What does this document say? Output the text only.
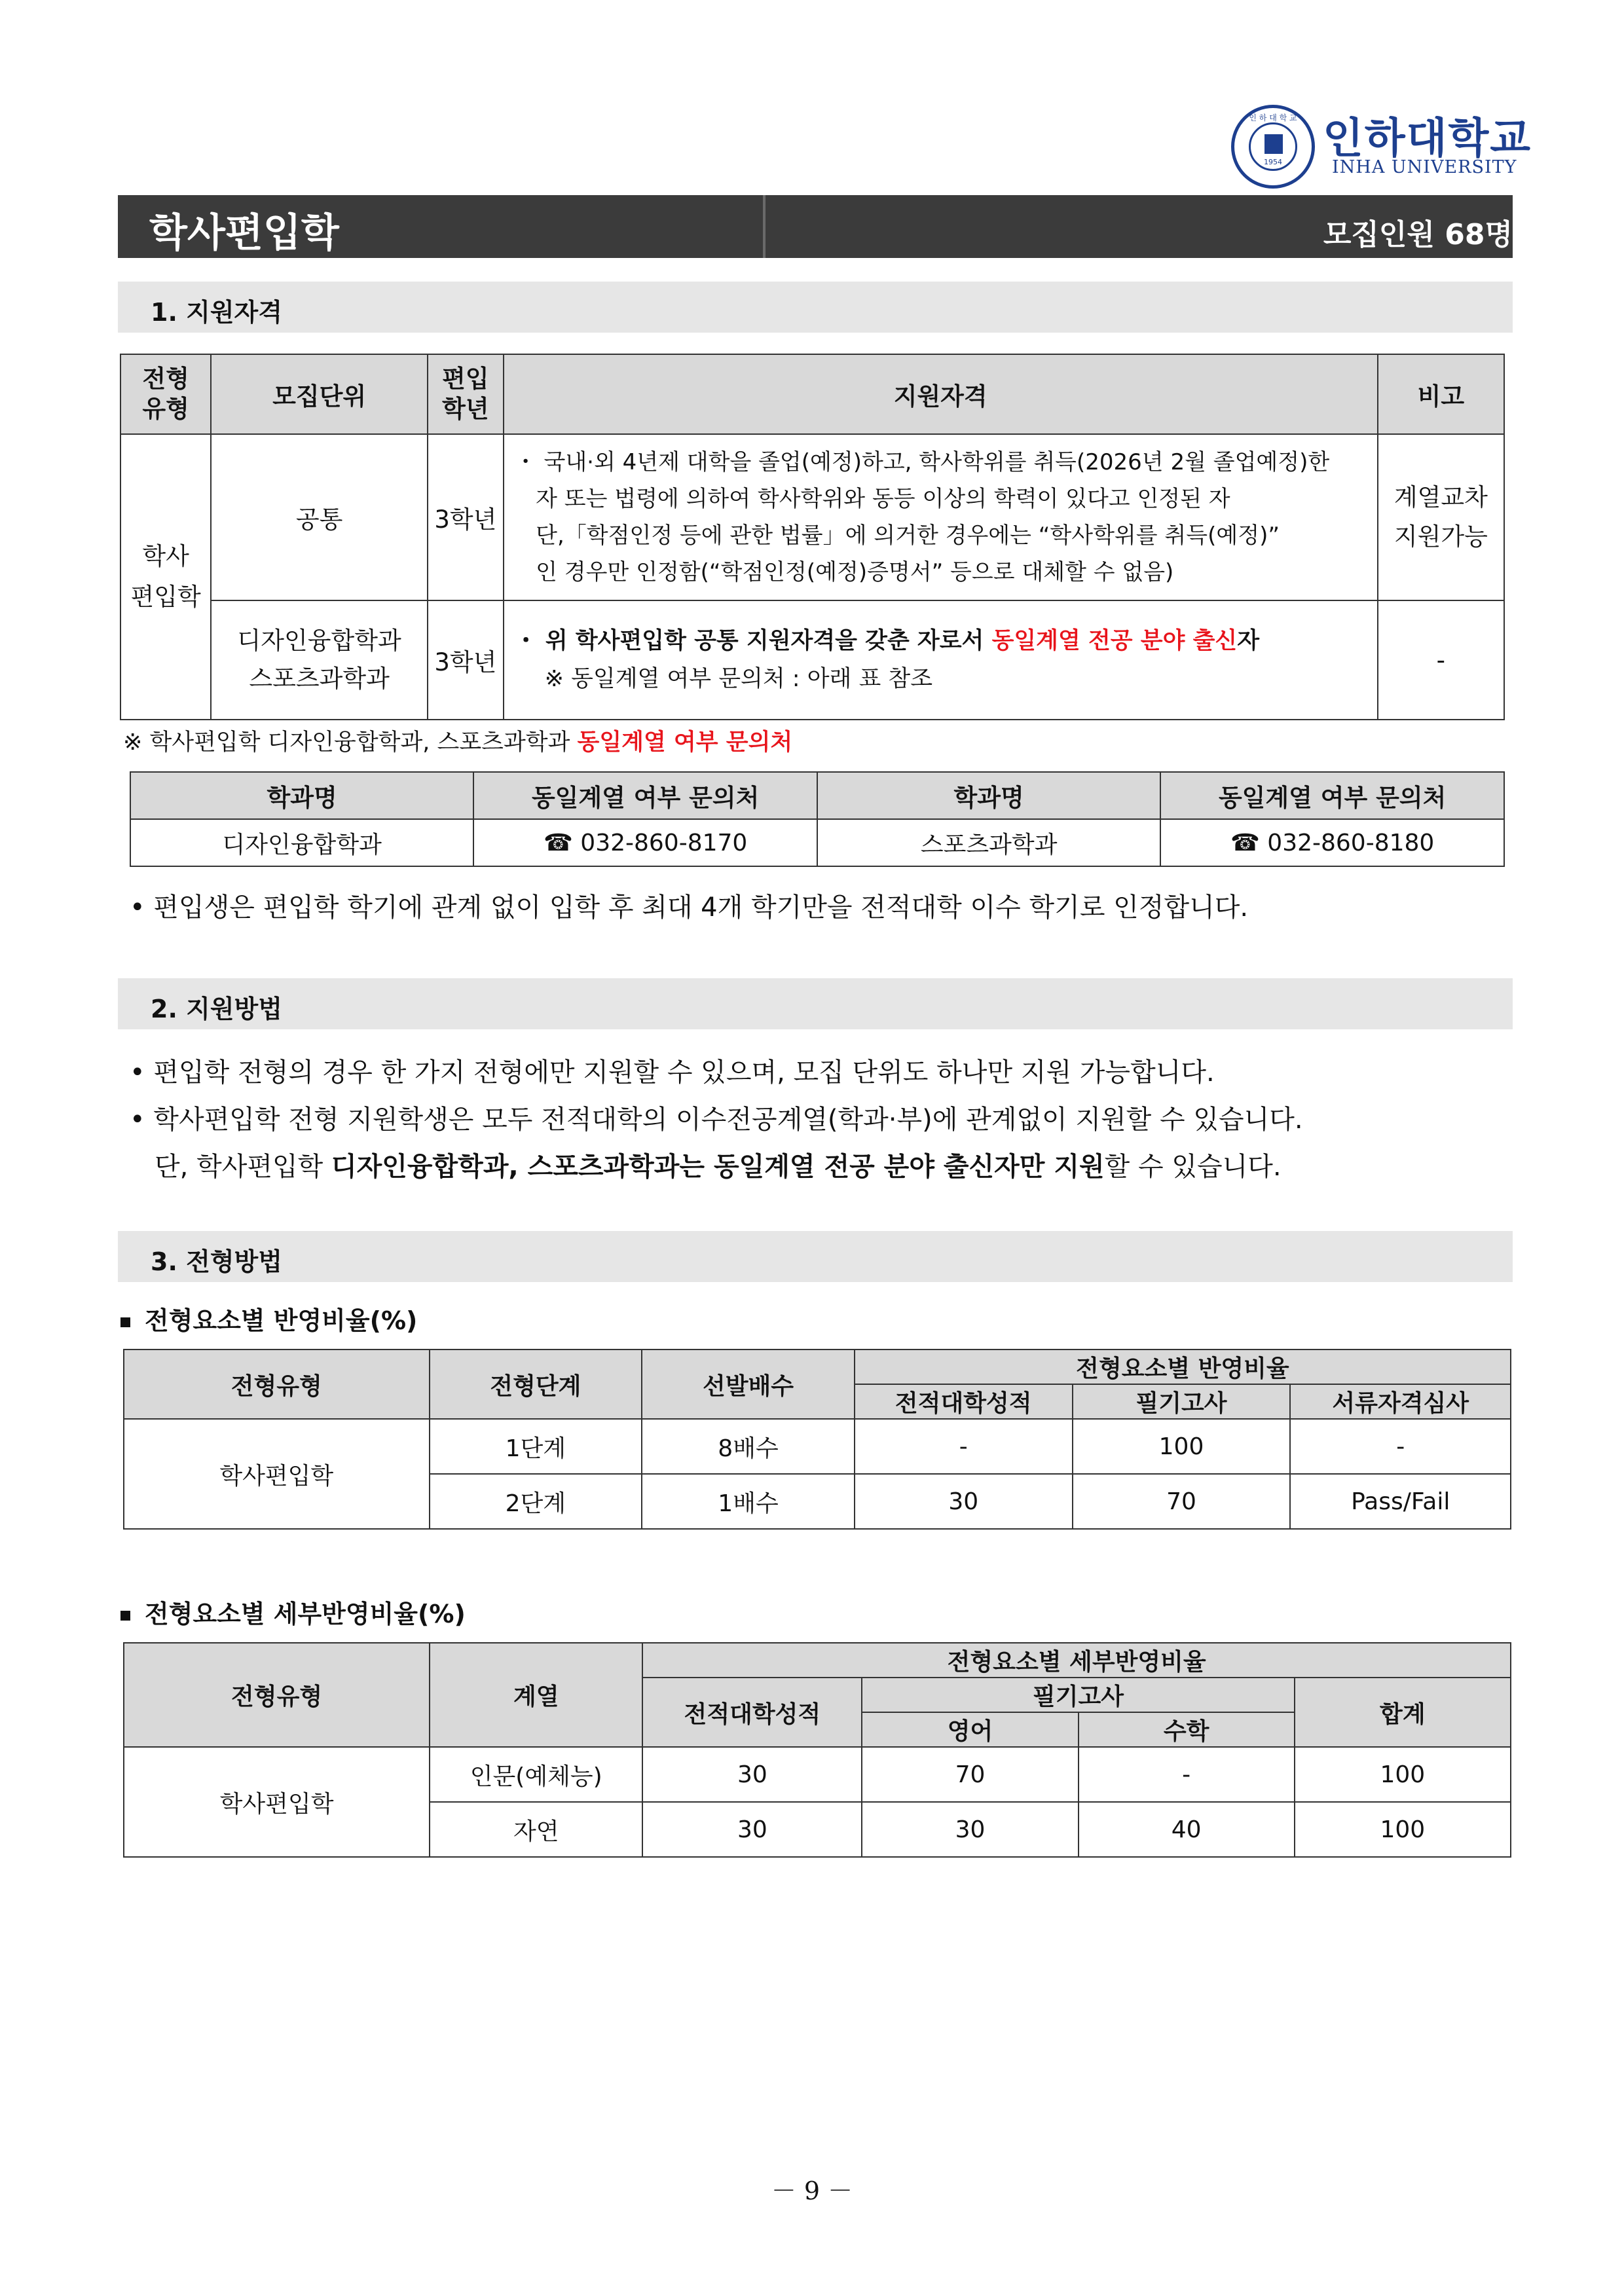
인 하 대 학 교
1954 인하대학교
INHA UNIVERSITY
학사편입학	모집인원 68명
1. 지원자격
전형
유형	모집단위	편입
학년	지원자격	비고
학사
편입학	공통	3학년	・ 국내·외 4년제 대학을 졸업(예정)하고, 학사학위를 취득(2026년 2월 졸업예정)한
자 또는 법령에 의하여 학사학위와 동등 이상의 학력이 있다고 인정된 자
단,「학점인정 등에 관한 법률」에 의거한 경우에는 “학사학위를 취득(예정)”
인 경우만 인정함(“학점인정(예정)증명서” 등으로 대체할 수 없음)	계열교차
지원가능
	디자인융합학과
스포츠과학과	3학년	・ 위 학사편입학 공통 지원자격을 갖춘 자로서 동일계열 전공 분야 출신자
※ 동일계열 여부 문의처 : 아래 표 참조	-
※ 학사편입학 디자인융합학과, 스포츠과학과 동일계열 여부 문의처
학과명	동일계열 여부 문의처	학과명	동일계열 여부 문의처
디자인융합학과	☎ 032-860-8170	스포츠과학과	☎ 032-860-8180
• 편입생은 편입학 학기에 관계 없이 입학 후 최대 4개 학기만을 전적대학 이수 학기로 인정합니다.
2. 지원방법
• 편입학 전형의 경우 한 가지 전형에만 지원할 수 있으며, 모집 단위도 하나만 지원 가능합니다.
• 학사편입학 전형 지원학생은 모두 전적대학의 이수전공계열(학과·부)에 관계없이 지원할 수 있습니다.
단, 학사편입학 디자인융합학과, 스포츠과학과는 동일계열 전공 분야 출신자만 지원할 수 있습니다.
3. 전형방법
전형요소별 반영비율(%)
전형유형	전형단계	선발배수	전형요소별 반영비율		
			전적대학성적	필기고사	서류자격심사
학사편입학	1단계	8배수	-	100	-
	2단계	1배수	30	70	Pass/Fail
전형요소별 세부반영비율(%)
전형유형	계열	전형요소별 세부반영비율			
		전적대학성적	필기고사		합계
			영어	수학	
학사편입학	인문(예체능)	30	70	-	100
	자연	30	30	40	100
－ 9 －
